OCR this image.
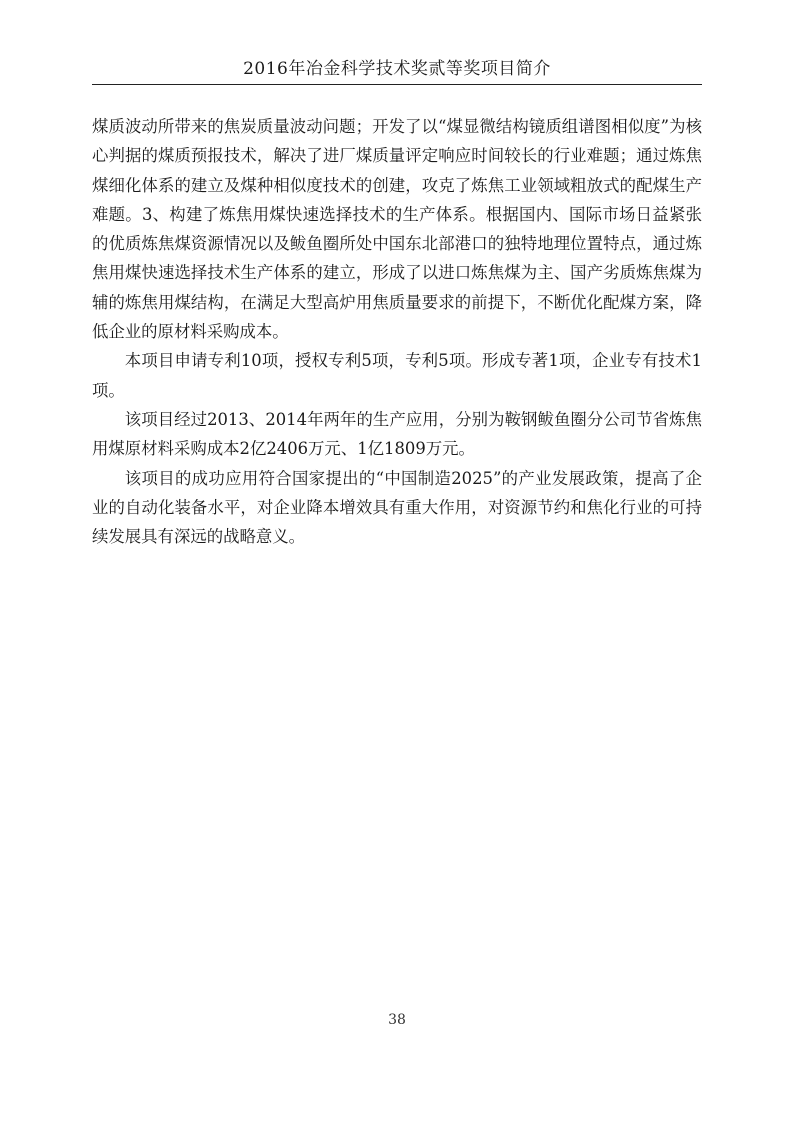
2016年冶金科学技术奖贰等奖项目简介

煤质波动所带来的焦炭质量波动问题；开发了以“煤显微结构镜质组谱图相似度”为核心判据的煤质预报技术，解决了进厂煤质量评定响应时间较长的行业难题；通过炼焦煤细化体系的建立及煤种相似度技术的创建，攻克了炼焦工业领域粗放式的配煤生产难题。3、构建了炼焦用煤快速选择技术的生产体系。根据国内、国际市场日益紧张的优质炼焦煤资源情况以及鲅鱼圈所处中国东北部港口的独特地理位置特点，通过炼焦用煤快速选择技术生产体系的建立，形成了以进口炼焦煤为主、国产劣质炼焦煤为辅的炼焦用煤结构，在满足大型高炉用焦质量要求的前提下，不断优化配煤方案，降低企业的原材料采购成本。

本项目申请专利10项，授权专利5项，专利5项。形成专著1项，企业专有技术1项。

该项目经过2013、2014年两年的生产应用，分别为鞍钢鲅鱼圈分公司节省炼焦用煤原材料采购成本2亿2406万元、1亿1809万元。

该项目的成功应用符合国家提出的“中国制造2025”的产业发展政策，提高了企业的自动化装备水平，对企业降本增效具有重大作用，对资源节约和焦化行业的可持续发展具有深远的战略意义。

38
